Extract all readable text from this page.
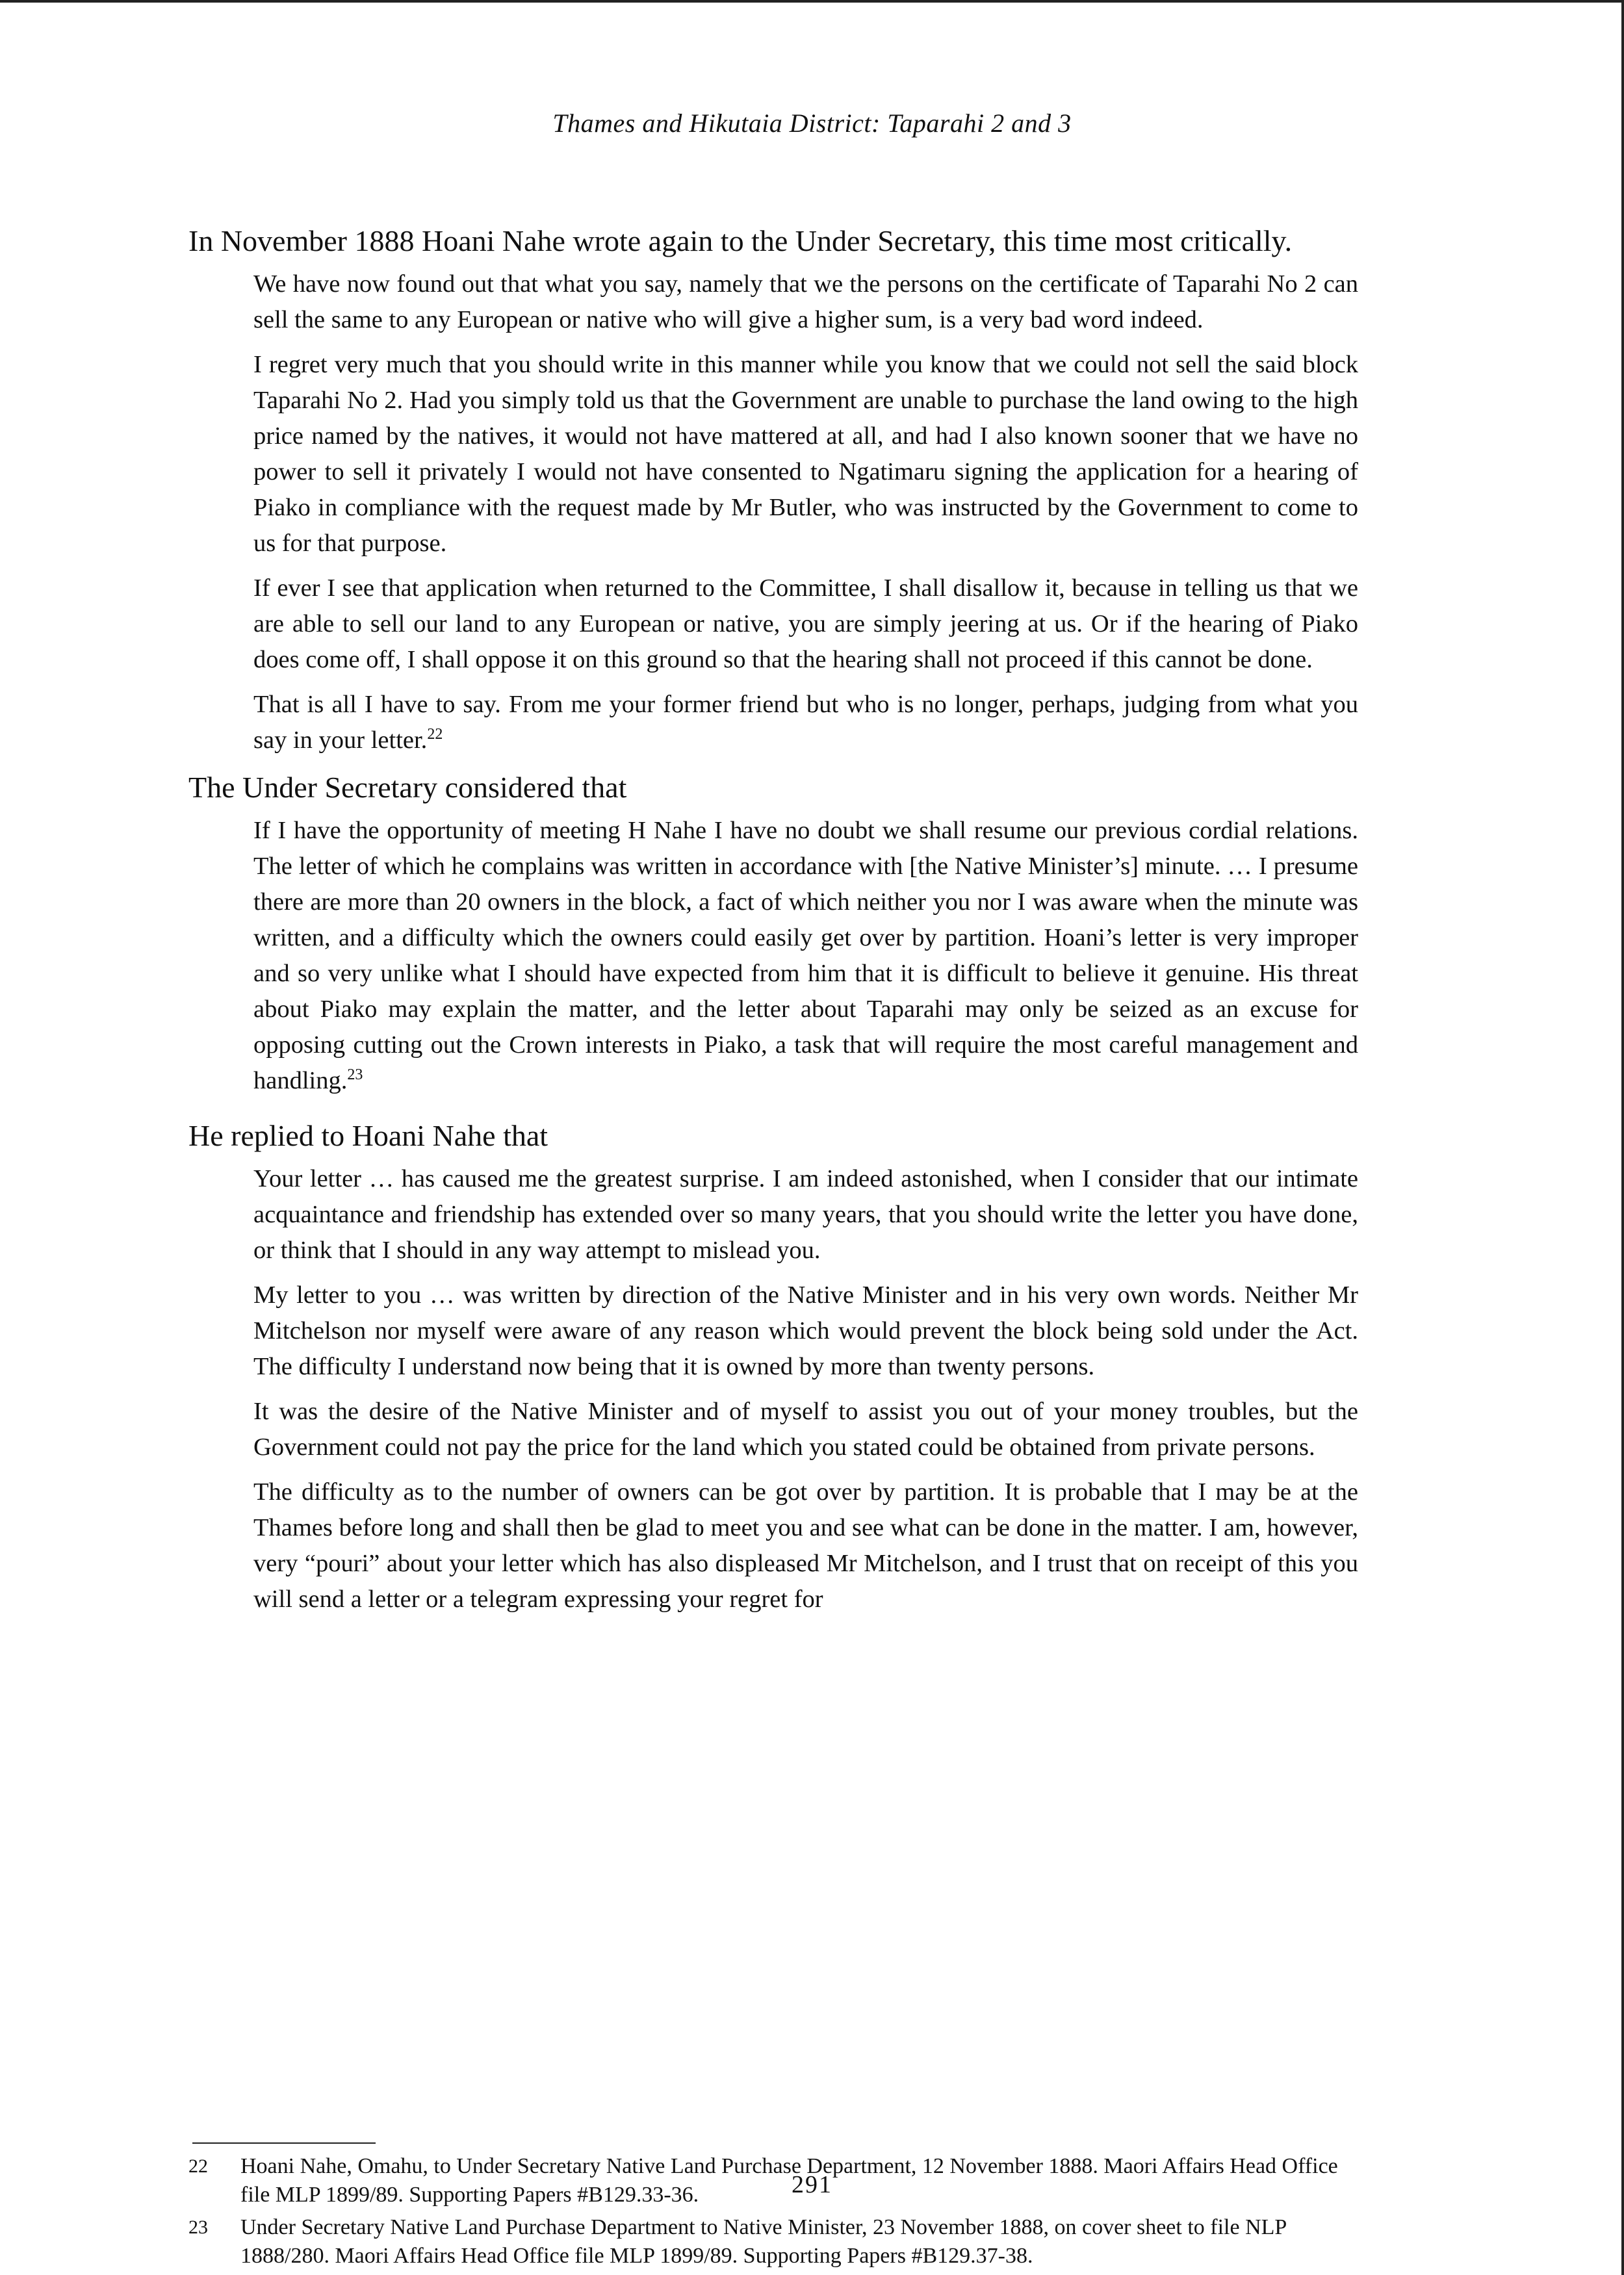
Thames and Hikutaia District: Taparahi 2 and 3

In November 1888 Hoani Nahe wrote again to the Under Secretary, this time most critically.

We have now found out that what you say, namely that we the persons on the certificate of Taparahi No 2 can sell the same to any European or native who will give a higher sum, is a very bad word indeed.

I regret very much that you should write in this manner while you know that we could not sell the said block Taparahi No 2. Had you simply told us that the Government are unable to purchase the land owing to the high price named by the natives, it would not have mattered at all, and had I also known sooner that we have no power to sell it privately I would not have consented to Ngatimaru signing the application for a hearing of Piako in compliance with the request made by Mr Butler, who was instructed by the Government to come to us for that purpose.

If ever I see that application when returned to the Committee, I shall disallow it, because in telling us that we are able to sell our land to any European or native, you are simply jeering at us. Or if the hearing of Piako does come off, I shall oppose it on this ground so that the hearing shall not proceed if this cannot be done.

That is all I have to say. From me your former friend but who is no longer, perhaps, judging from what you say in your letter.$^{22}$

The Under Secretary considered that

If I have the opportunity of meeting H Nahe I have no doubt we shall resume our previous cordial relations. The letter of which he complains was written in accordance with [the Native Minister’s] minute. … I presume there are more than 20 owners in the block, a fact of which neither you nor I was aware when the minute was written, and a difficulty which the owners could easily get over by partition. Hoani’s letter is very improper and so very unlike what I should have expected from him that it is difficult to believe it genuine. His threat about Piako may explain the matter, and the letter about Taparahi may only be seized as an excuse for opposing cutting out the Crown interests in Piako, a task that will require the most careful management and handling.$^{23}$

He replied to Hoani Nahe that

Your letter … has caused me the greatest surprise. I am indeed astonished, when I consider that our intimate acquaintance and friendship has extended over so many years, that you should write the letter you have done, or think that I should in any way attempt to mislead you.

My letter to you … was written by direction of the Native Minister and in his very own words. Neither Mr Mitchelson nor myself were aware of any reason which would prevent the block being sold under the Act. The difficulty I understand now being that it is owned by more than twenty persons.

It was the desire of the Native Minister and of myself to assist you out of your money troubles, but the Government could not pay the price for the land which you stated could be obtained from private persons.

The difficulty as to the number of owners can be got over by partition. It is probable that I may be at the Thames before long and shall then be glad to meet you and see what can be done in the matter. I am, however, very “pouri” about your letter which has also displeased Mr Mitchelson, and I trust that on receipt of this you will send a letter or a telegram expressing your regret for

22	Hoani Nahe, Omahu, to Under Secretary Native Land Purchase Department, 12 November 1888. Maori Affairs Head Office file MLP 1899/89. Supporting Papers #B129.33-36.
23	Under Secretary Native Land Purchase Department to Native Minister, 23 November 1888, on cover sheet to file NLP 1888/280. Maori Affairs Head Office file MLP 1899/89. Supporting Papers #B129.37-38.
291
